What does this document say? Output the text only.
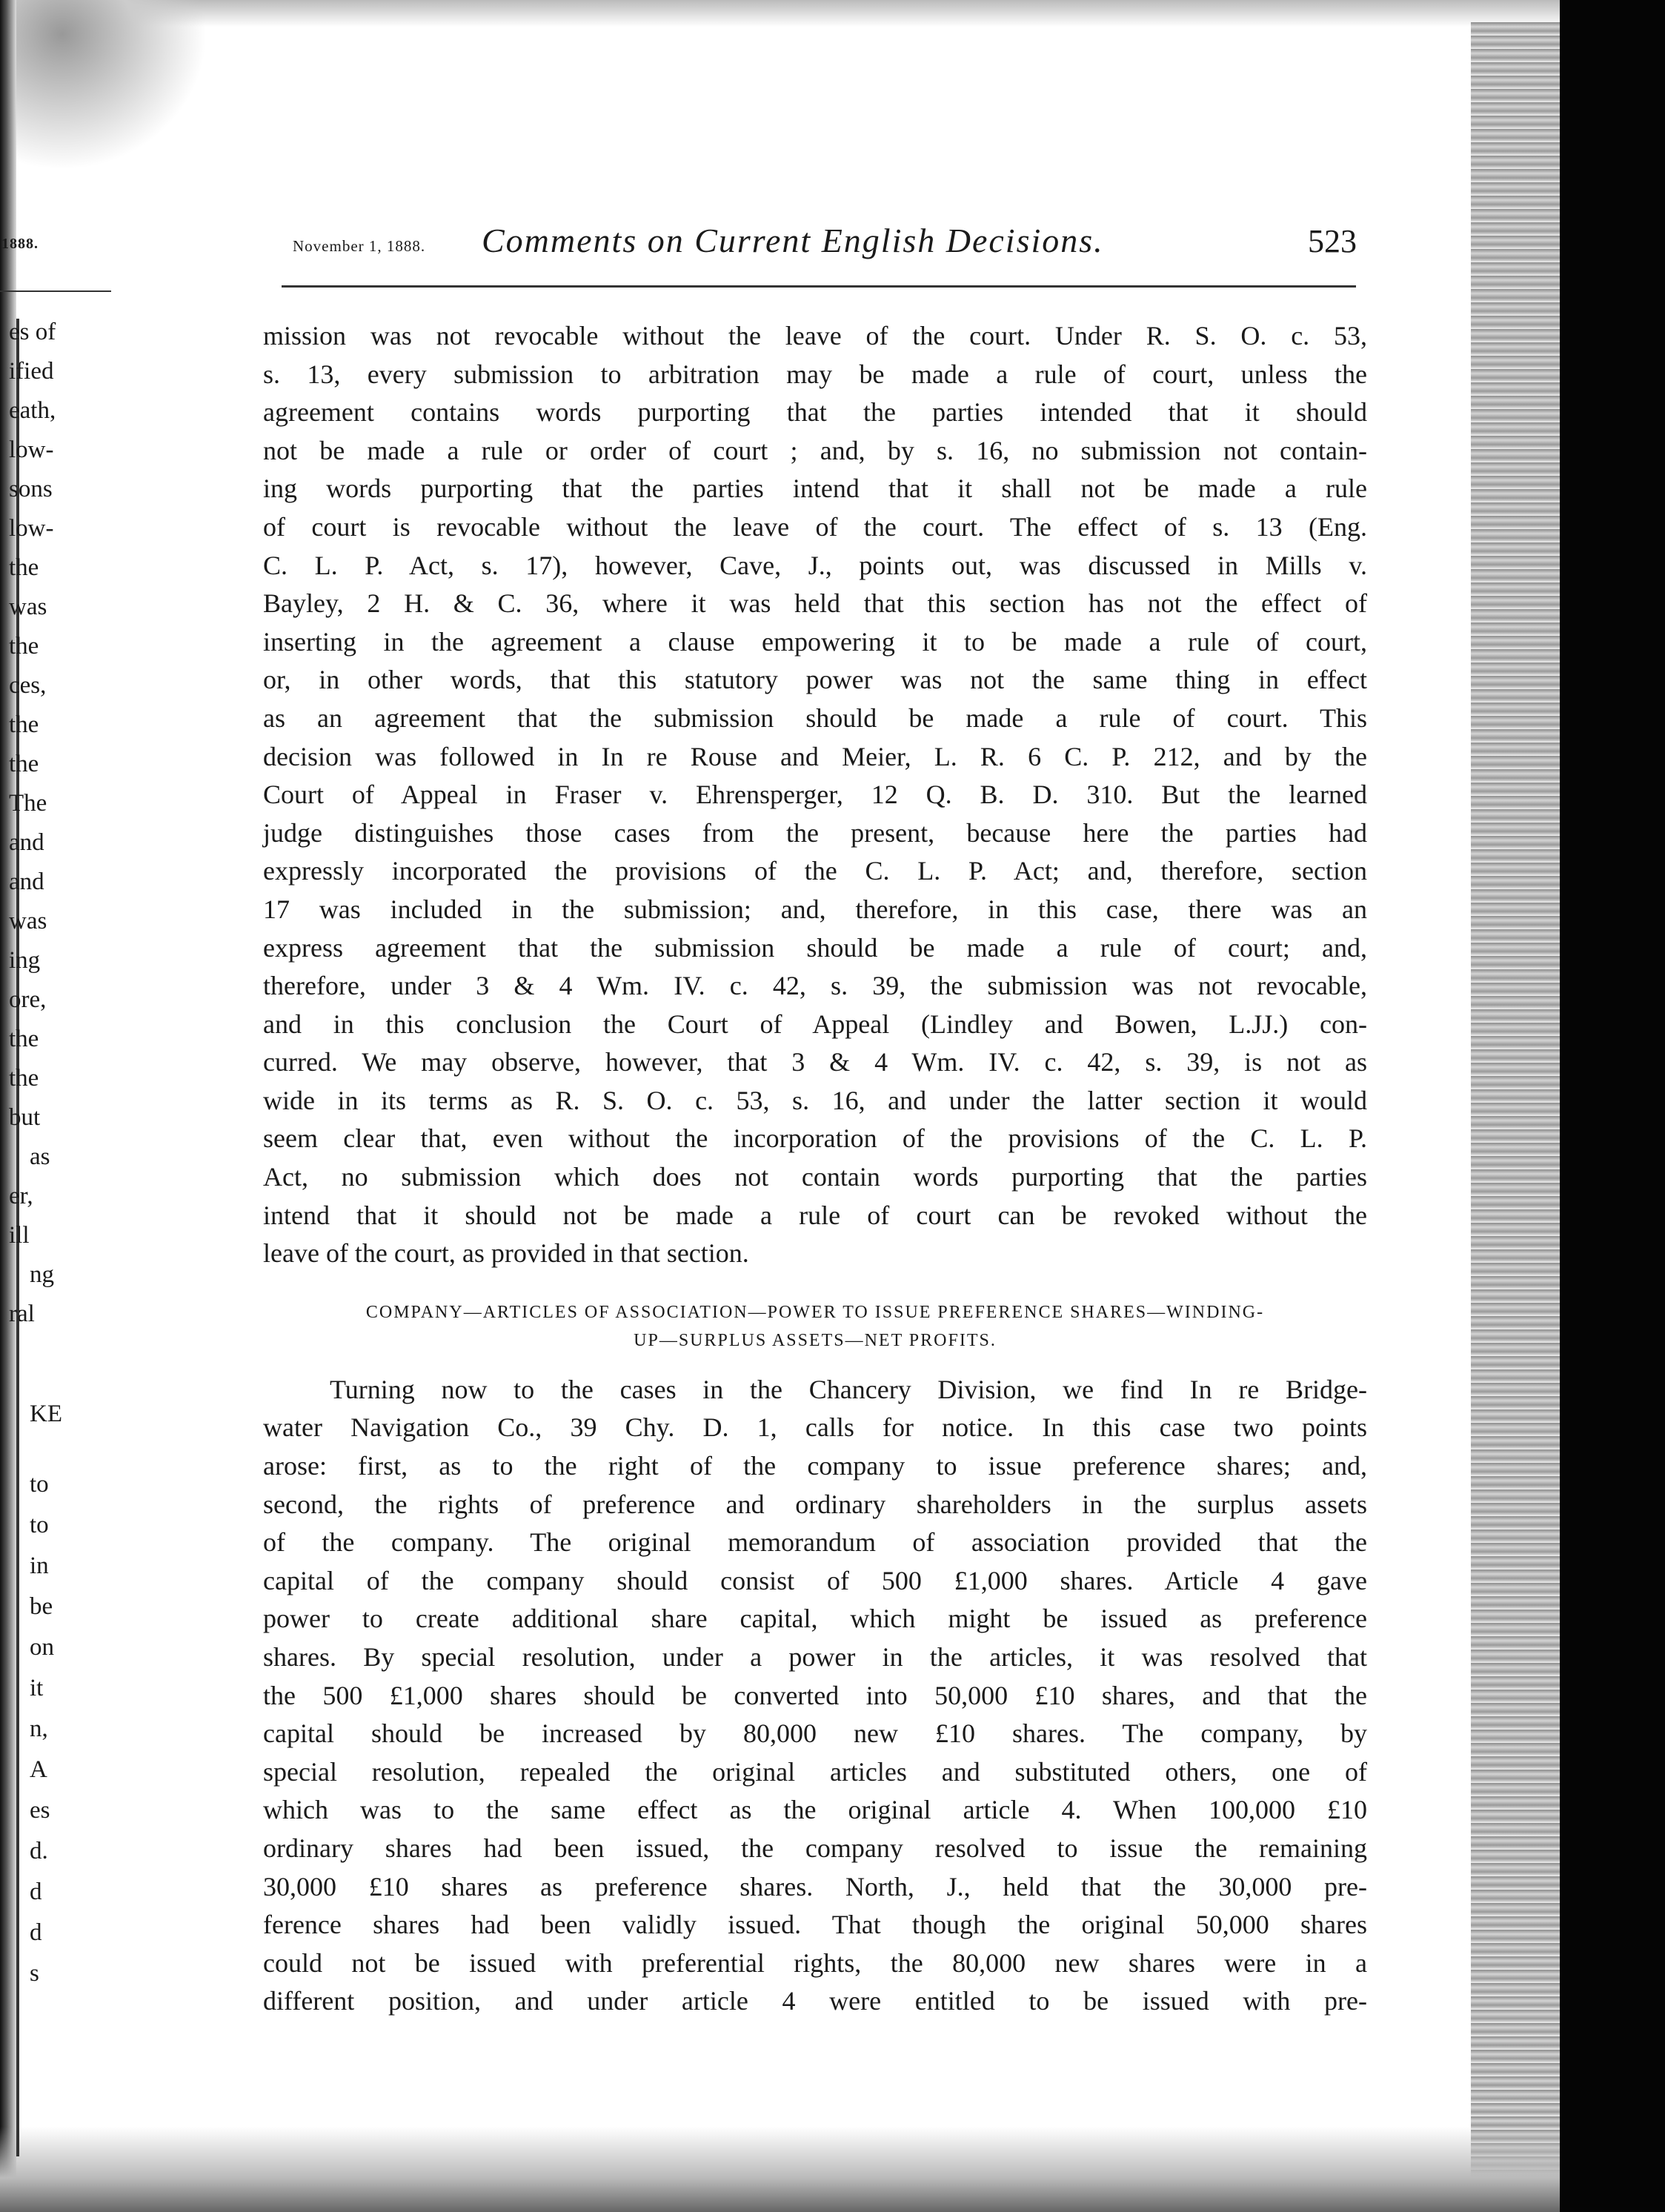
1888.
es of
ified
eath,
low-
sons
low-
the
was
the
ces,
the
the
The
and
and
was
ing
ore,
the
the
but
as
er,
ill
ng
ral
KE
to
to
in
be
on
it
n,
A
es
d.
d
d
s
November 1, 1888. Comments on Current English Decisions.	523
mission was not revocable without the leave of the court. Under R. S. O. c. 53,
s. 13, every submission to arbitration may be made a rule of court, unless the
agreement contains words purporting that the parties intended that it should
not be made a rule or order of court ; and, by s. 16, no submission not contain-
ing words purporting that the parties intend that it shall not be made a rule
of court is revocable without the leave of the court. The effect of s. 13 (Eng.
C. L. P. Act, s. 17), however, Cave, J., points out, was discussed in Mills v.
Bayley, 2 H. & C. 36, where it was held that this section has not the effect of
inserting in the agreement a clause empowering it to be made a rule of court,
or, in other words, that this statutory power was not the same thing in effect
as an agreement that the submission should be made a rule of court. This
decision was followed in In re Rouse and Meier, L. R. 6 C. P. 212, and by the
Court of Appeal in Fraser v. Ehrensperger, 12 Q. B. D. 310. But the learned
judge distinguishes those cases from the present, because here the parties had
expressly incorporated the provisions of the C. L. P. Act; and, therefore, section
17 was included in the submission; and, therefore, in this case, there was an
express agreement that the submission should be made a rule of court; and,
therefore, under 3 & 4 Wm. IV. c. 42, s. 39, the submission was not revocable,
and in this conclusion the Court of Appeal (Lindley and Bowen, L.JJ.) con-
curred. We may observe, however, that 3 & 4 Wm. IV. c. 42, s. 39, is not as
wide in its terms as R. S. O. c. 53, s. 16, and under the latter section it would
seem clear that, even without the incorporation of the provisions of the C. L. P.
Act, no submission which does not contain words purporting that the parties
intend that it should not be made a rule of court can be revoked without the
leave of the court, as provided in that section.
COMPANY—ARTICLES OF ASSOCIATION—POWER TO ISSUE PREFERENCE SHARES—WINDING-
UP—SURPLUS ASSETS—NET PROFITS.
Turning now to the cases in the Chancery Division, we find In re Bridge-
water Navigation Co., 39 Chy. D. 1, calls for notice. In this case two points
arose: first, as to the right of the company to issue preference shares; and,
second, the rights of preference and ordinary shareholders in the surplus assets
of the company. The original memorandum of association provided that the
capital of the company should consist of 500 £1,000 shares. Article 4 gave
power to create additional share capital, which might be issued as preference
shares. By special resolution, under a power in the articles, it was resolved that
the 500 £1,000 shares should be converted into 50,000 £10 shares, and that the
capital should be increased by 80,000 new £10 shares. The company, by
special resolution, repealed the original articles and substituted others, one of
which was to the same effect as the original article 4. When 100,000 £10
ordinary shares had been issued, the company resolved to issue the remaining
30,000 £10 shares as preference shares. North, J., held that the 30,000 pre-
ference shares had been validly issued. That though the original 50,000 shares
could not be issued with preferential rights, the 80,000 new shares were in a
different position, and under article 4 were entitled to be issued with pre-
